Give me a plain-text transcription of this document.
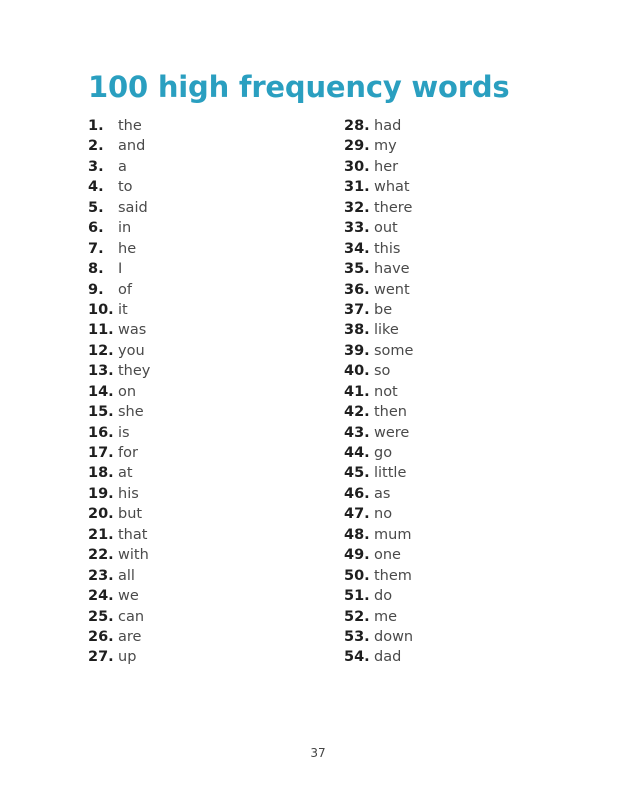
100 high frequency words
1. the
2. and
3. a
4. to
5. said
6. in
7. he
8. I
9. of
10. it
11. was
12. you
13. they
14. on
15. she
16. is
17. for
18. at
19. his
20. but
21. that
22. with
23. all
24. we
25. can
26. are
27. up
28. had
29. my
30. her
31. what
32. there
33. out
34. this
35. have
36. went
37. be
38. like
39. some
40. so
41. not
42. then
43. were
44. go
45. little
46. as
47. no
48. mum
49. one
50. them
51. do
52. me
53. down
54. dad
37
